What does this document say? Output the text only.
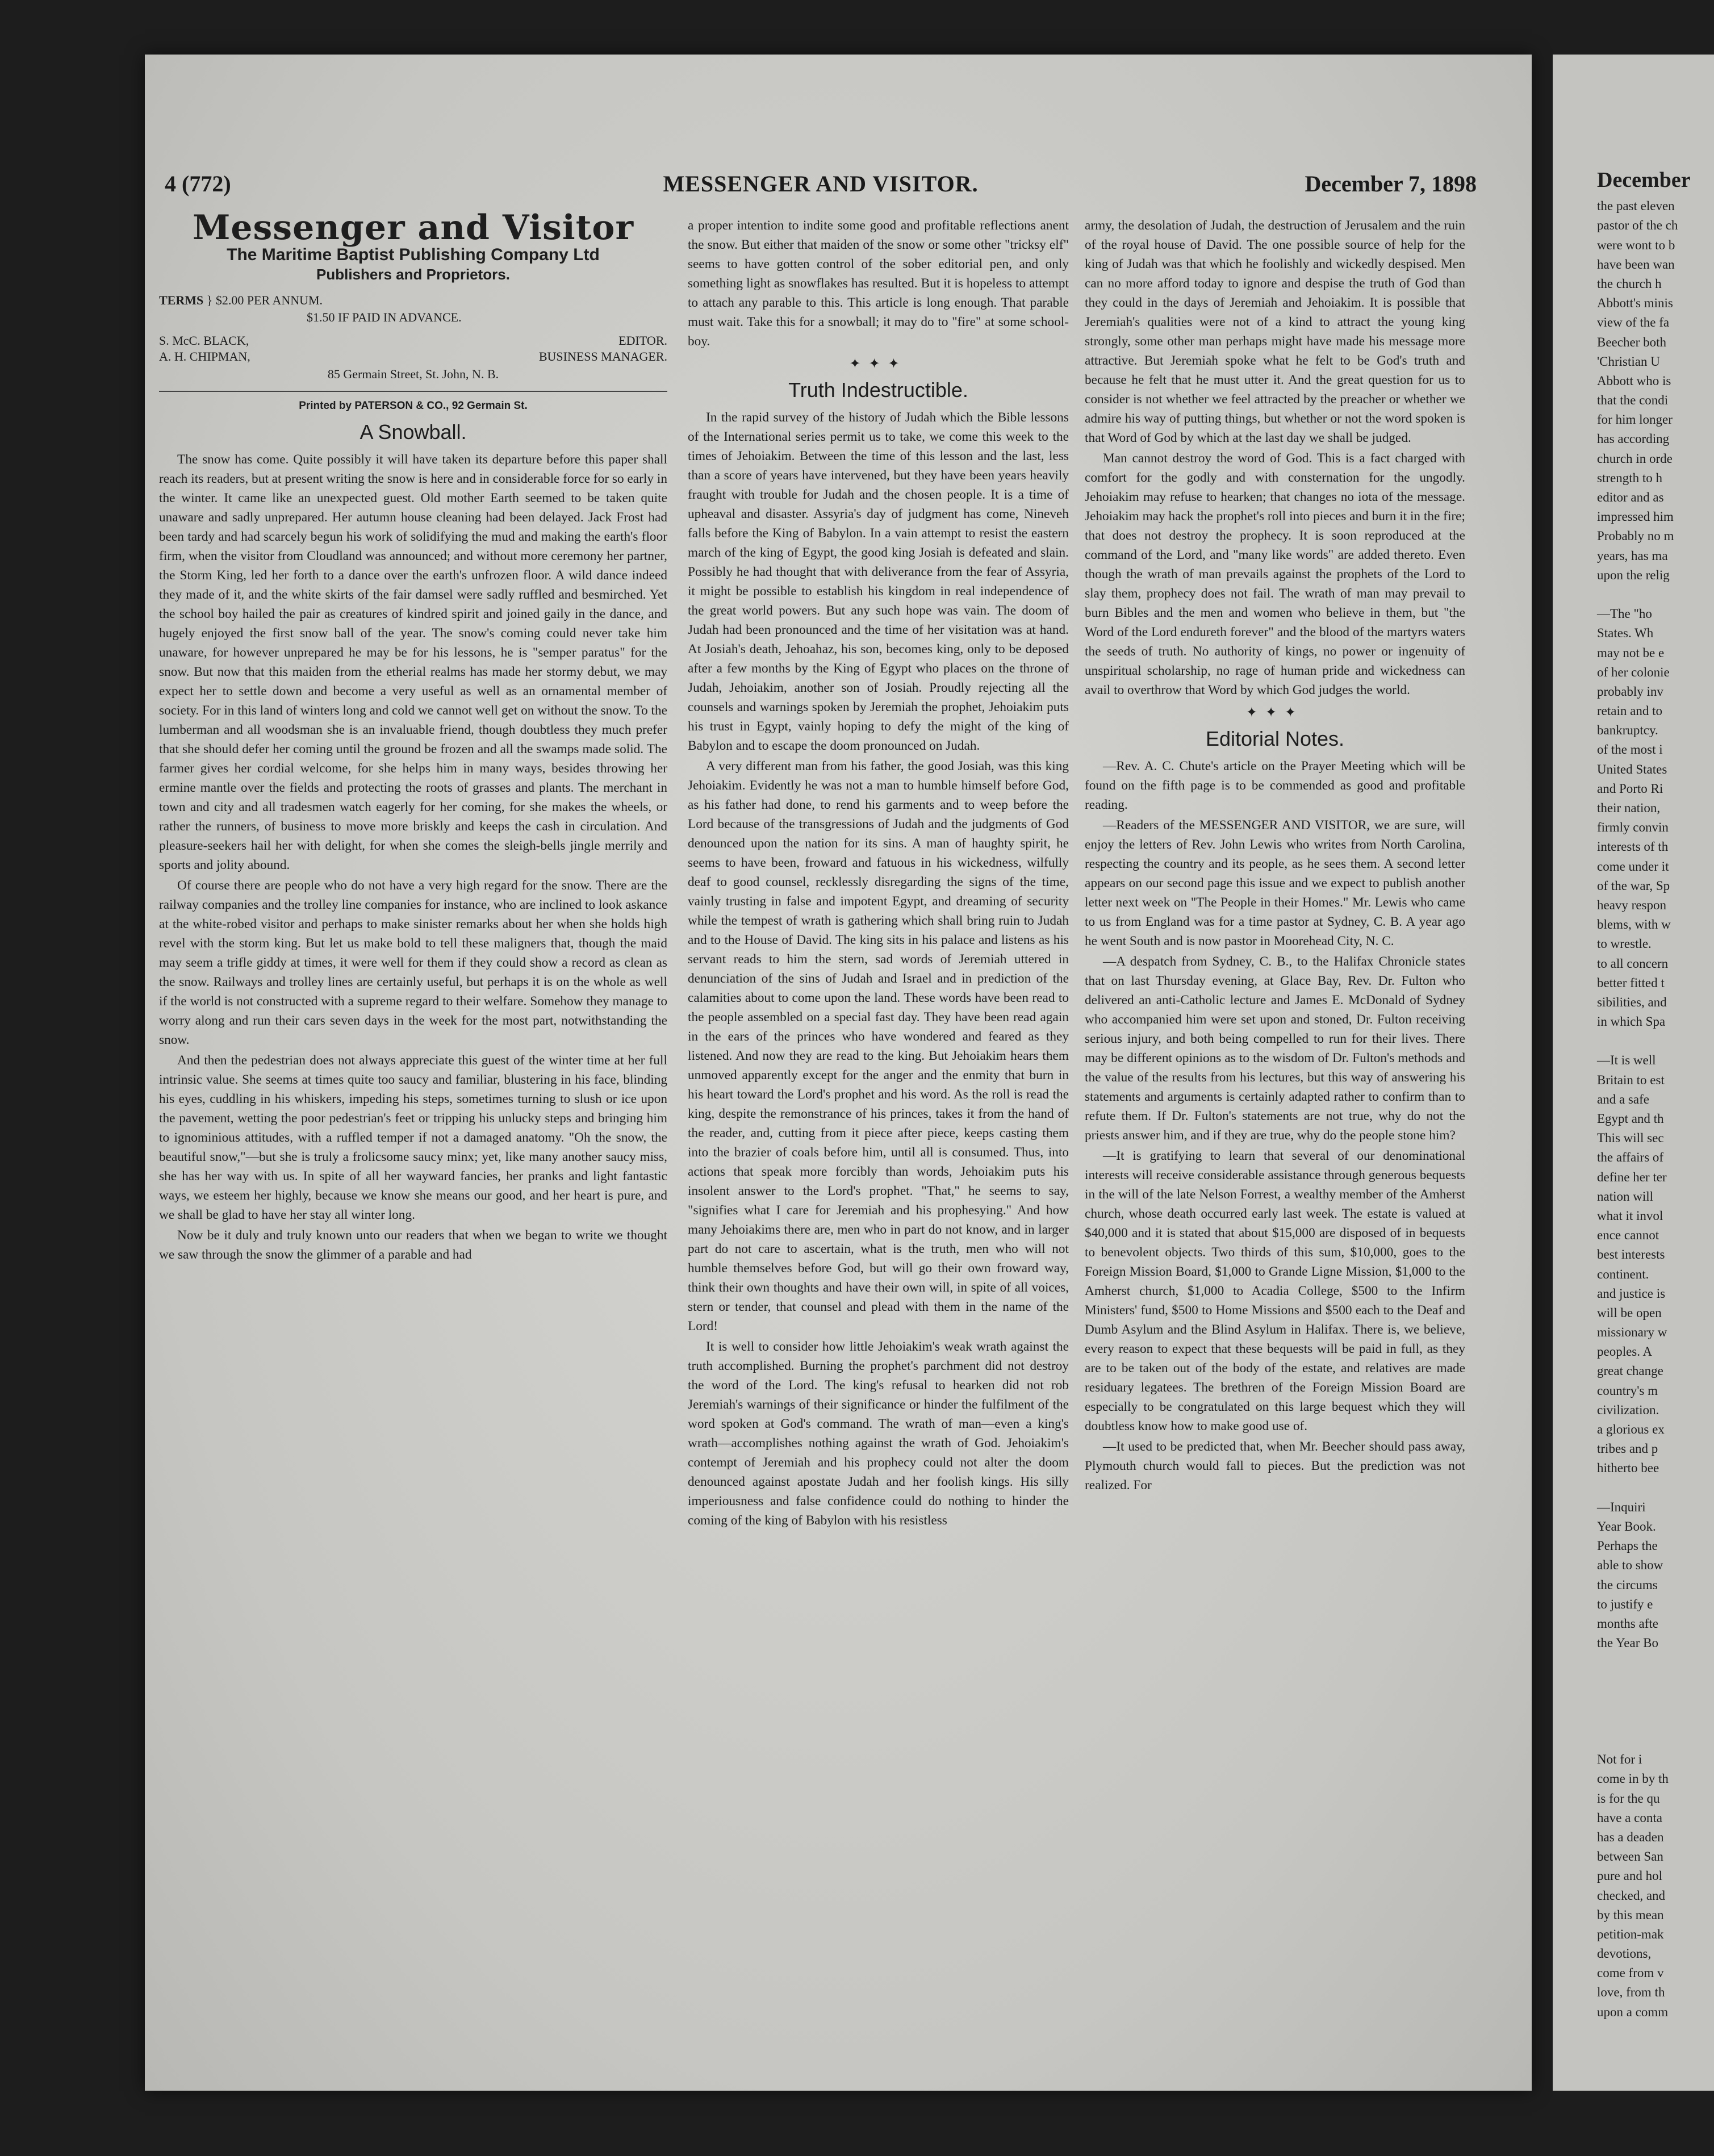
4 (772)	MESSENGER AND VISITOR.	December 7, 1898
Messenger and Visitor
The Maritime Baptist Publishing Company Ltd
Publishers and Proprietors.
TERMS } $2.00 PER ANNUM.
$1.50 IF PAID IN ADVANCE.
S. McC. BLACK,	EDITOR.
A. H. CHIPMAN,	BUSINESS MANAGER.
85 Germain Street, St. John, N. B.
Printed by PATERSON & CO., 92 Germain St.
A Snowball.

The snow has come. Quite possibly it will have taken its departure before this paper shall reach its readers, but at present writing the snow is here and in considerable force for so early in the winter. It came like an unexpected guest. Old mother Earth seemed to be taken quite unaware and sadly unprepared. Her autumn house cleaning had been delayed. Jack Frost had been tardy and had scarcely begun his work of solidifying the mud and making the earth's floor firm, when the visitor from Cloudland was announced; and without more ceremony her partner, the Storm King, led her forth to a dance over the earth's unfrozen floor. A wild dance indeed they made of it, and the white skirts of the fair damsel were sadly ruffled and besmirched. Yet the school boy hailed the pair as creatures of kindred spirit and joined gaily in the dance, and hugely enjoyed the first snow ball of the year. The snow's coming could never take him unaware, for however unprepared he may be for his lessons, he is "semper paratus" for the snow. But now that this maiden from the etherial realms has made her stormy debut, we may expect her to settle down and become a very useful as well as an ornamental member of society. For in this land of winters long and cold we cannot well get on without the snow. To the lumberman and all woodsman she is an invaluable friend, though doubtless they much prefer that she should defer her coming until the ground be frozen and all the swamps made solid. The farmer gives her cordial welcome, for she helps him in many ways, besides throwing her ermine mantle over the fields and protecting the roots of grasses and plants. The merchant in town and city and all tradesmen watch eagerly for her coming, for she makes the wheels, or rather the runners, of business to move more briskly and keeps the cash in circulation. And pleasure-seekers hail her with delight, for when she comes the sleigh-bells jingle merrily and sports and jolity abound.

Of course there are people who do not have a very high regard for the snow. There are the railway companies and the trolley line companies for instance, who are inclined to look askance at the white-robed visitor and perhaps to make sinister remarks about her when she holds high revel with the storm king. But let us make bold to tell these maligners that, though the maid may seem a trifle giddy at times, it were well for them if they could show a record as clean as the snow. Railways and trolley lines are certainly useful, but perhaps it is on the whole as well if the world is not constructed with a supreme regard to their welfare. Somehow they manage to worry along and run their cars seven days in the week for the most part, notwithstanding the snow.

And then the pedestrian does not always appreciate this guest of the winter time at her full intrinsic value. She seems at times quite too saucy and familiar, blustering in his face, blinding his eyes, cuddling in his whiskers, impeding his steps, sometimes turning to slush or ice upon the pavement, wetting the poor pedestrian's feet or tripping his unlucky steps and bringing him to ignominious attitudes, with a ruffled temper if not a damaged anatomy. "Oh the snow, the beautiful snow,"—but she is truly a frolicsome saucy minx; yet, like many another saucy miss, she has her way with us. In spite of all her wayward fancies, her pranks and light fantastic ways, we esteem her highly, because we know she means our good, and her heart is pure, and we shall be glad to have her stay all winter long.

Now be it duly and truly known unto our readers that when we began to write we thought we saw through the snow the glimmer of a parable and had

a proper intention to indite some good and profitable reflections anent the snow. But either that maiden of the snow or some other "tricksy elf" seems to have gotten control of the sober editorial pen, and only something light as snowflakes has resulted. But it is hopeless to attempt to attach any parable to this. This article is long enough. That parable must wait. Take this for a snowball; it may do to "fire" at some school-boy.

✦✦✦
Truth Indestructible.

In the rapid survey of the history of Judah which the Bible lessons of the International series permit us to take, we come this week to the times of Jehoiakim. Between the time of this lesson and the last, less than a score of years have intervened, but they have been years heavily fraught with trouble for Judah and the chosen people. It is a time of upheaval and disaster. Assyria's day of judgment has come, Nineveh falls before the King of Babylon. In a vain attempt to resist the eastern march of the king of Egypt, the good king Josiah is defeated and slain. Possibly he had thought that with deliverance from the fear of Assyria, it might be possible to establish his kingdom in real independence of the great world powers. But any such hope was vain. The doom of Judah had been pronounced and the time of her visitation was at hand. At Josiah's death, Jehoahaz, his son, becomes king, only to be deposed after a few months by the King of Egypt who places on the throne of Judah, Jehoiakim, another son of Josiah. Proudly rejecting all the counsels and warnings spoken by Jeremiah the prophet, Jehoiakim puts his trust in Egypt, vainly hoping to defy the might of the king of Babylon and to escape the doom pronounced on Judah.

A very different man from his father, the good Josiah, was this king Jehoiakim. Evidently he was not a man to humble himself before God, as his father had done, to rend his garments and to weep before the Lord because of the transgressions of Judah and the judgments of God denounced upon the nation for its sins. A man of haughty spirit, he seems to have been, froward and fatuous in his wickedness, wilfully deaf to good counsel, recklessly disregarding the signs of the time, vainly trusting in false and impotent Egypt, and dreaming of security while the tempest of wrath is gathering which shall bring ruin to Judah and to the House of David. The king sits in his palace and listens as his servant reads to him the stern, sad words of Jeremiah uttered in denunciation of the sins of Judah and Israel and in prediction of the calamities about to come upon the land. These words have been read to the people assembled on a special fast day. They have been read again in the ears of the princes who have wondered and feared as they listened. And now they are read to the king. But Jehoiakim hears them unmoved apparently except for the anger and the enmity that burn in his heart toward the Lord's prophet and his word. As the roll is read the king, despite the remonstrance of his princes, takes it from the hand of the reader, and, cutting from it piece after piece, keeps casting them into the brazier of coals before him, until all is consumed. Thus, into actions that speak more forcibly than words, Jehoiakim puts his insolent answer to the Lord's prophet. "That," he seems to say, "signifies what I care for Jeremiah and his prophesying." And how many Jehoiakims there are, men who in part do not know, and in larger part do not care to ascertain, what is the truth, men who will not humble themselves before God, but will go their own froward way, think their own thoughts and have their own will, in spite of all voices, stern or tender, that counsel and plead with them in the name of the Lord!

It is well to consider how little Jehoiakim's weak wrath against the truth accomplished. Burning the prophet's parchment did not destroy the word of the Lord. The king's refusal to hearken did not rob Jeremiah's warnings of their significance or hinder the fulfilment of the word spoken at God's command. The wrath of man—even a king's wrath—accomplishes nothing against the wrath of God. Jehoiakim's contempt of Jeremiah and his prophecy could not alter the doom denounced against apostate Judah and her foolish kings. His silly imperiousness and false confidence could do nothing to hinder the coming of the king of Babylon with his resistless

army, the desolation of Judah, the destruction of Jerusalem and the ruin of the royal house of David. The one possible source of help for the king of Judah was that which he foolishly and wickedly despised. Men can no more afford today to ignore and despise the truth of God than they could in the days of Jeremiah and Jehoiakim. It is possible that Jeremiah's qualities were not of a kind to attract the young king strongly, some other man perhaps might have made his message more attractive. But Jeremiah spoke what he felt to be God's truth and because he felt that he must utter it. And the great question for us to consider is not whether we feel attracted by the preacher or whether we admire his way of putting things, but whether or not the word spoken is that Word of God by which at the last day we shall be judged.

Man cannot destroy the word of God. This is a fact charged with comfort for the godly and with consternation for the ungodly. Jehoiakim may refuse to hearken; that changes no iota of the message. Jehoiakim may hack the prophet's roll into pieces and burn it in the fire; that does not destroy the prophecy. It is soon reproduced at the command of the Lord, and "many like words" are added thereto. Even though the wrath of man prevails against the prophets of the Lord to slay them, prophecy does not fail. The wrath of man may prevail to burn Bibles and the men and women who believe in them, but "the Word of the Lord endureth forever" and the blood of the martyrs waters the seeds of truth. No authority of kings, no power or ingenuity of unspiritual scholarship, no rage of human pride and wickedness can avail to overthrow that Word by which God judges the world.

✦✦✦
Editorial Notes.

—Rev. A. C. Chute's article on the Prayer Meeting which will be found on the fifth page is to be commended as good and profitable reading.

—Readers of the MESSENGER AND VISITOR, we are sure, will enjoy the letters of Rev. John Lewis who writes from North Carolina, respecting the country and its people, as he sees them. A second letter appears on our second page this issue and we expect to publish another letter next week on "The People in their Homes." Mr. Lewis who came to us from England was for a time pastor at Sydney, C. B. A year ago he went South and is now pastor in Moorehead City, N. C.

—A despatch from Sydney, C. B., to the Halifax Chronicle states that on last Thursday evening, at Glace Bay, Rev. Dr. Fulton who delivered an anti-Catholic lecture and James E. McDonald of Sydney who accompanied him were set upon and stoned, Dr. Fulton receiving serious injury, and both being compelled to run for their lives. There may be different opinions as to the wisdom of Dr. Fulton's methods and the value of the results from his lectures, but this way of answering his statements and arguments is certainly adapted rather to confirm than to refute them. If Dr. Fulton's statements are not true, why do not the priests answer him, and if they are true, why do the people stone him?

—It is gratifying to learn that several of our denominational interests will receive considerable assistance through generous bequests in the will of the late Nelson Forrest, a wealthy member of the Amherst church, whose death occurred early last week. The estate is valued at $40,000 and it is stated that about $15,000 are disposed of in bequests to benevolent objects. Two thirds of this sum, $10,000, goes to the Foreign Mission Board, $1,000 to Grande Ligne Mission, $1,000 to the Amherst church, $1,000 to Acadia College, $500 to the Infirm Ministers' fund, $500 to Home Missions and $500 each to the Deaf and Dumb Asylum and the Blind Asylum in Halifax. There is, we believe, every reason to expect that these bequests will be paid in full, as they are to be taken out of the body of the estate, and relatives are made residuary legatees. The brethren of the Foreign Mission Board are especially to be congratulated on this large bequest which they will doubtless know how to make good use of.

—It used to be predicted that, when Mr. Beecher should pass away, Plymouth church would fall to pieces. But the prediction was not realized. For

December
the past eleven
pastor of the ch
were wont to b
have been wan
the church h
Abbott's minis
view of the fa
Beecher both
'Christian U
Abbott who is
that the condi
for him longer
has according
church in orde
strength to h
editor and as
impressed him
Probably no m
years, has ma
upon the relig
—The "ho
States. Wh
may not be e
of her colonie
probably inv
retain and to
bankruptcy.
of the most i
United States
and Porto Ri
their nation,
firmly convin
interests of th
come under it
of the war, Sp
heavy respon
blems, with w
to wrestle.
to all concern
better fitted t
sibilities, and
in which Spa
—It is well
Britain to est
and a safe
Egypt and th
This will sec
the affairs of
define her ter
nation will
what it invol
ence cannot
best interests
continent.
and justice is
will be open
missionary w
peoples. A
great change
country's m
civilization.
a glorious ex
tribes and p
hitherto bee
—Inquiri
Year Book.
Perhaps the
able to show
the circums
to justify e
months afte
the Year Bo
Not for i
come in by th
is for the qu
have a conta
has a deaden
between San
pure and hol
checked, and
by this mean
petition-mak
devotions,
come from v
love, from th
upon a comm
